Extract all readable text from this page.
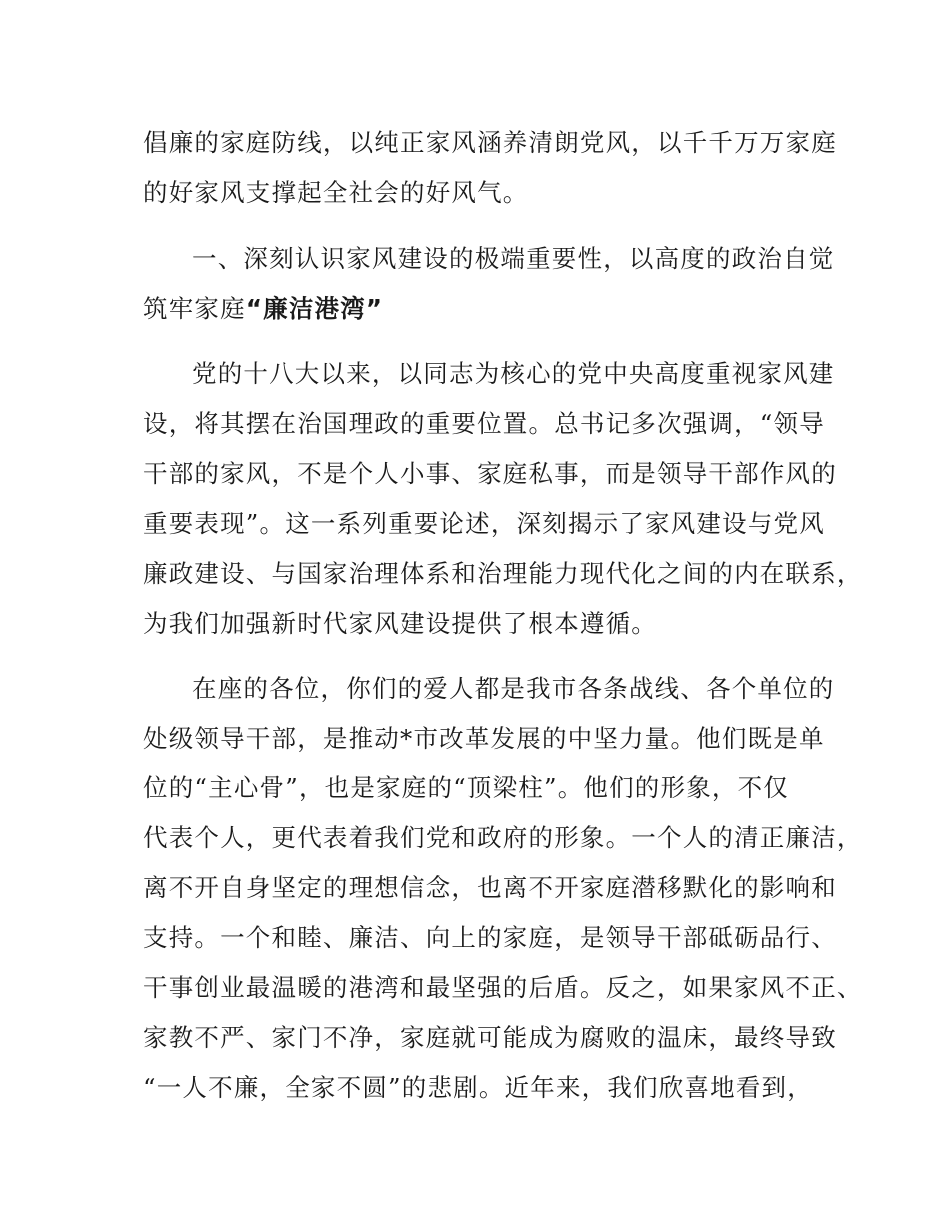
倡廉的家庭防线，以纯正家风涵养清朗党风，以千千万万家庭
的好家风支撑起全社会的好风气。
一、深刻认识家风建设的极端重要性，以高度的政治自觉
筑牢家庭“廉洁港湾”
党的十八大以来，以同志为核心的党中央高度重视家风建
设，将其摆在治国理政的重要位置。总书记多次强调，“领导
干部的家风，不是个人小事、家庭私事，而是领导干部作风的
重要表现”。这一系列重要论述，深刻揭示了家风建设与党风
廉政建设、与国家治理体系和治理能力现代化之间的内在联系，
为我们加强新时代家风建设提供了根本遵循。
在座的各位，你们的爱人都是我市各条战线、各个单位的
处级领导干部，是推动*市改革发展的中坚力量。他们既是单
位的“主心骨”，也是家庭的“顶梁柱”。他们的形象，不仅
代表个人，更代表着我们党和政府的形象。一个人的清正廉洁，
离不开自身坚定的理想信念，也离不开家庭潜移默化的影响和
支持。一个和睦、廉洁、向上的家庭，是领导干部砥砺品行、
干事创业最温暖的港湾和最坚强的后盾。反之，如果家风不正、
家教不严、家门不净，家庭就可能成为腐败的温床，最终导致
“一人不廉，全家不圆”的悲剧。近年来，我们欣喜地看到，
